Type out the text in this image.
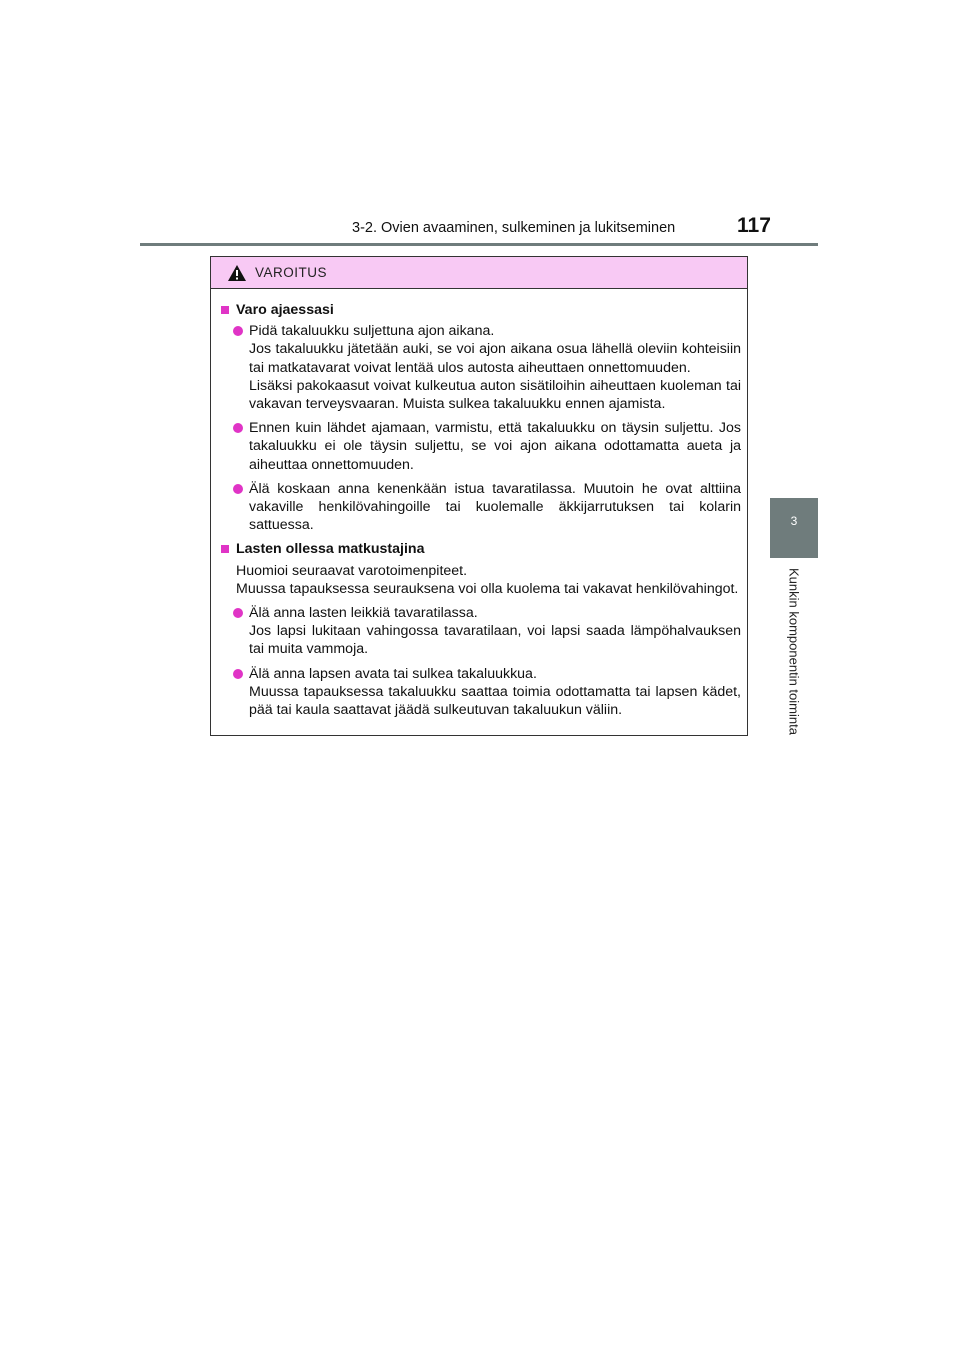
3-2. Ovien avaaminen, sulkeminen ja lukitseminen	117
3
Kunkin komponentin toiminta
VAROITUS
Varo ajaessasi
Pidä takaluukku suljettuna ajon aikana.
Jos takaluukku jätetään auki, se voi ajon aikana osua lähellä oleviin kohteisiin tai matkatavarat voivat lentää ulos autosta aiheuttaen onnettomuuden.
Lisäksi pakokaasut voivat kulkeutua auton sisätiloihin aiheuttaen kuoleman tai vakavan terveysvaaran. Muista sulkea takaluukku ennen ajamista.
Ennen kuin lähdet ajamaan, varmistu, että takaluukku on täysin suljettu. Jos takaluukku ei ole täysin suljettu, se voi ajon aikana odottamatta aueta ja aiheuttaa onnettomuuden.
Älä koskaan anna kenenkään istua tavaratilassa. Muutoin he ovat alttiina vakaville henkilövahingoille tai kuolemalle äkkijarrutuksen tai kolarin sattuessa.
Lasten ollessa matkustajina
Huomioi seuraavat varotoimenpiteet.
Muussa tapauksessa seurauksena voi olla kuolema tai vakavat henkilövahingot.
Älä anna lasten leikkiä tavaratilassa.
Jos lapsi lukitaan vahingossa tavaratilaan, voi lapsi saada lämpöhalvauksen tai muita vammoja.
Älä anna lapsen avata tai sulkea takaluukkua.
Muussa tapauksessa takaluukku saattaa toimia odottamatta tai lapsen kädet, pää tai kaula saattavat jäädä sulkeutuvan takaluukun väliin.
